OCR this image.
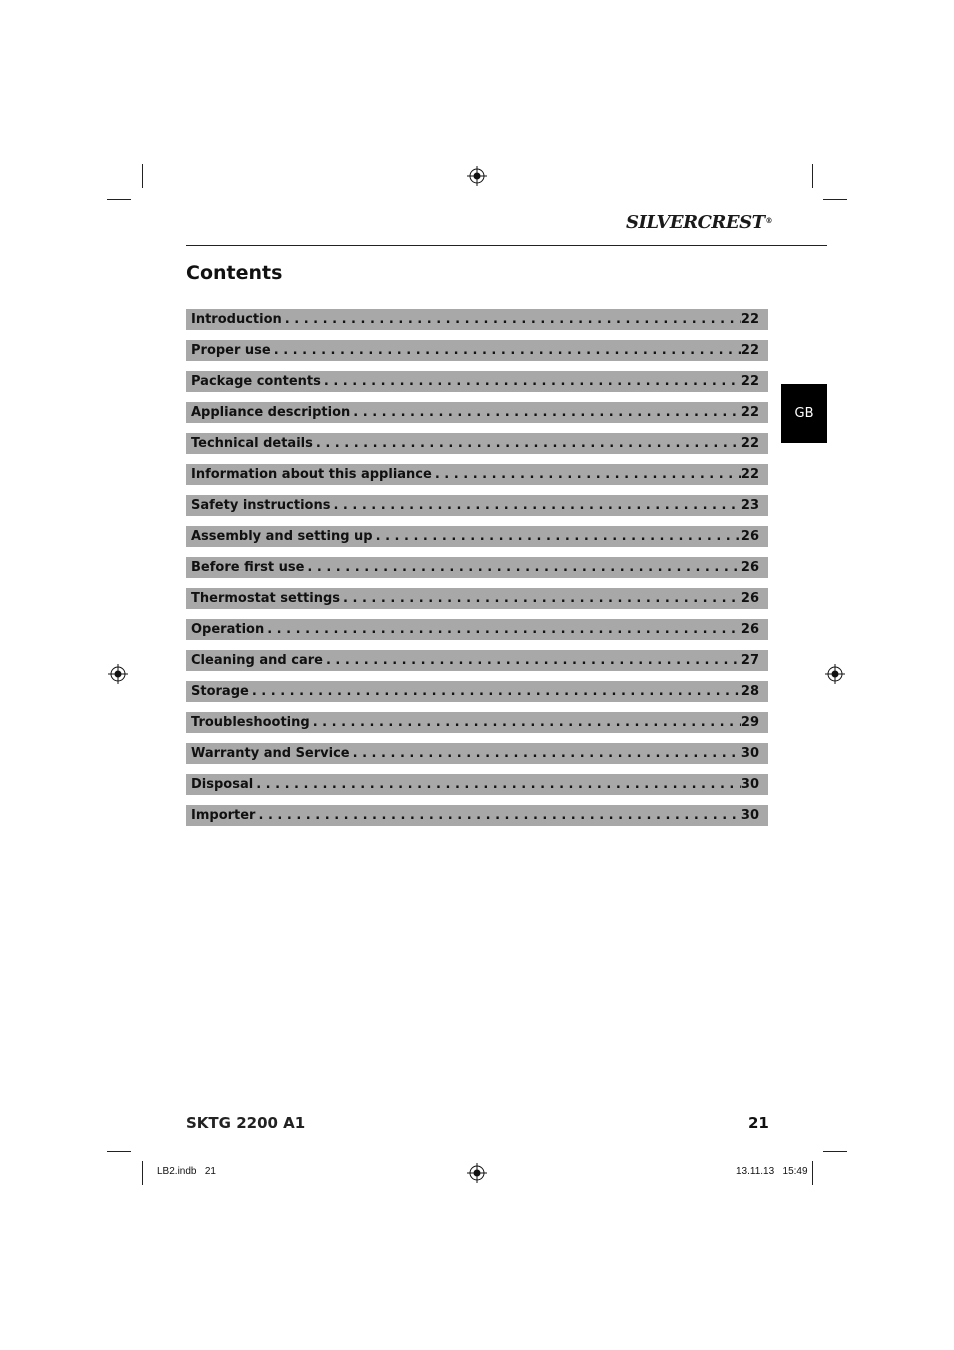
SILVERCREST®
Contents
GB
Introduction . . .	22
Proper use . . .	22
Package contents . . .	22
Appliance description . . .	22
Technical details . . .	22
Information about this appliance . . .	22
Safety instructions . . .	23
Assembly and setting up . . .	26
Before first use . . .	26
Thermostat settings . . .	26
Operation . . .	26
Cleaning and care . . .	27
Storage . . .	28
Troubleshooting . . .	29
Warranty and Service . . .	30
Disposal . . .	30
Importer . . .	30
SKTG 2200 A1	21
LB2.indb   21	13.11.13   15:49
